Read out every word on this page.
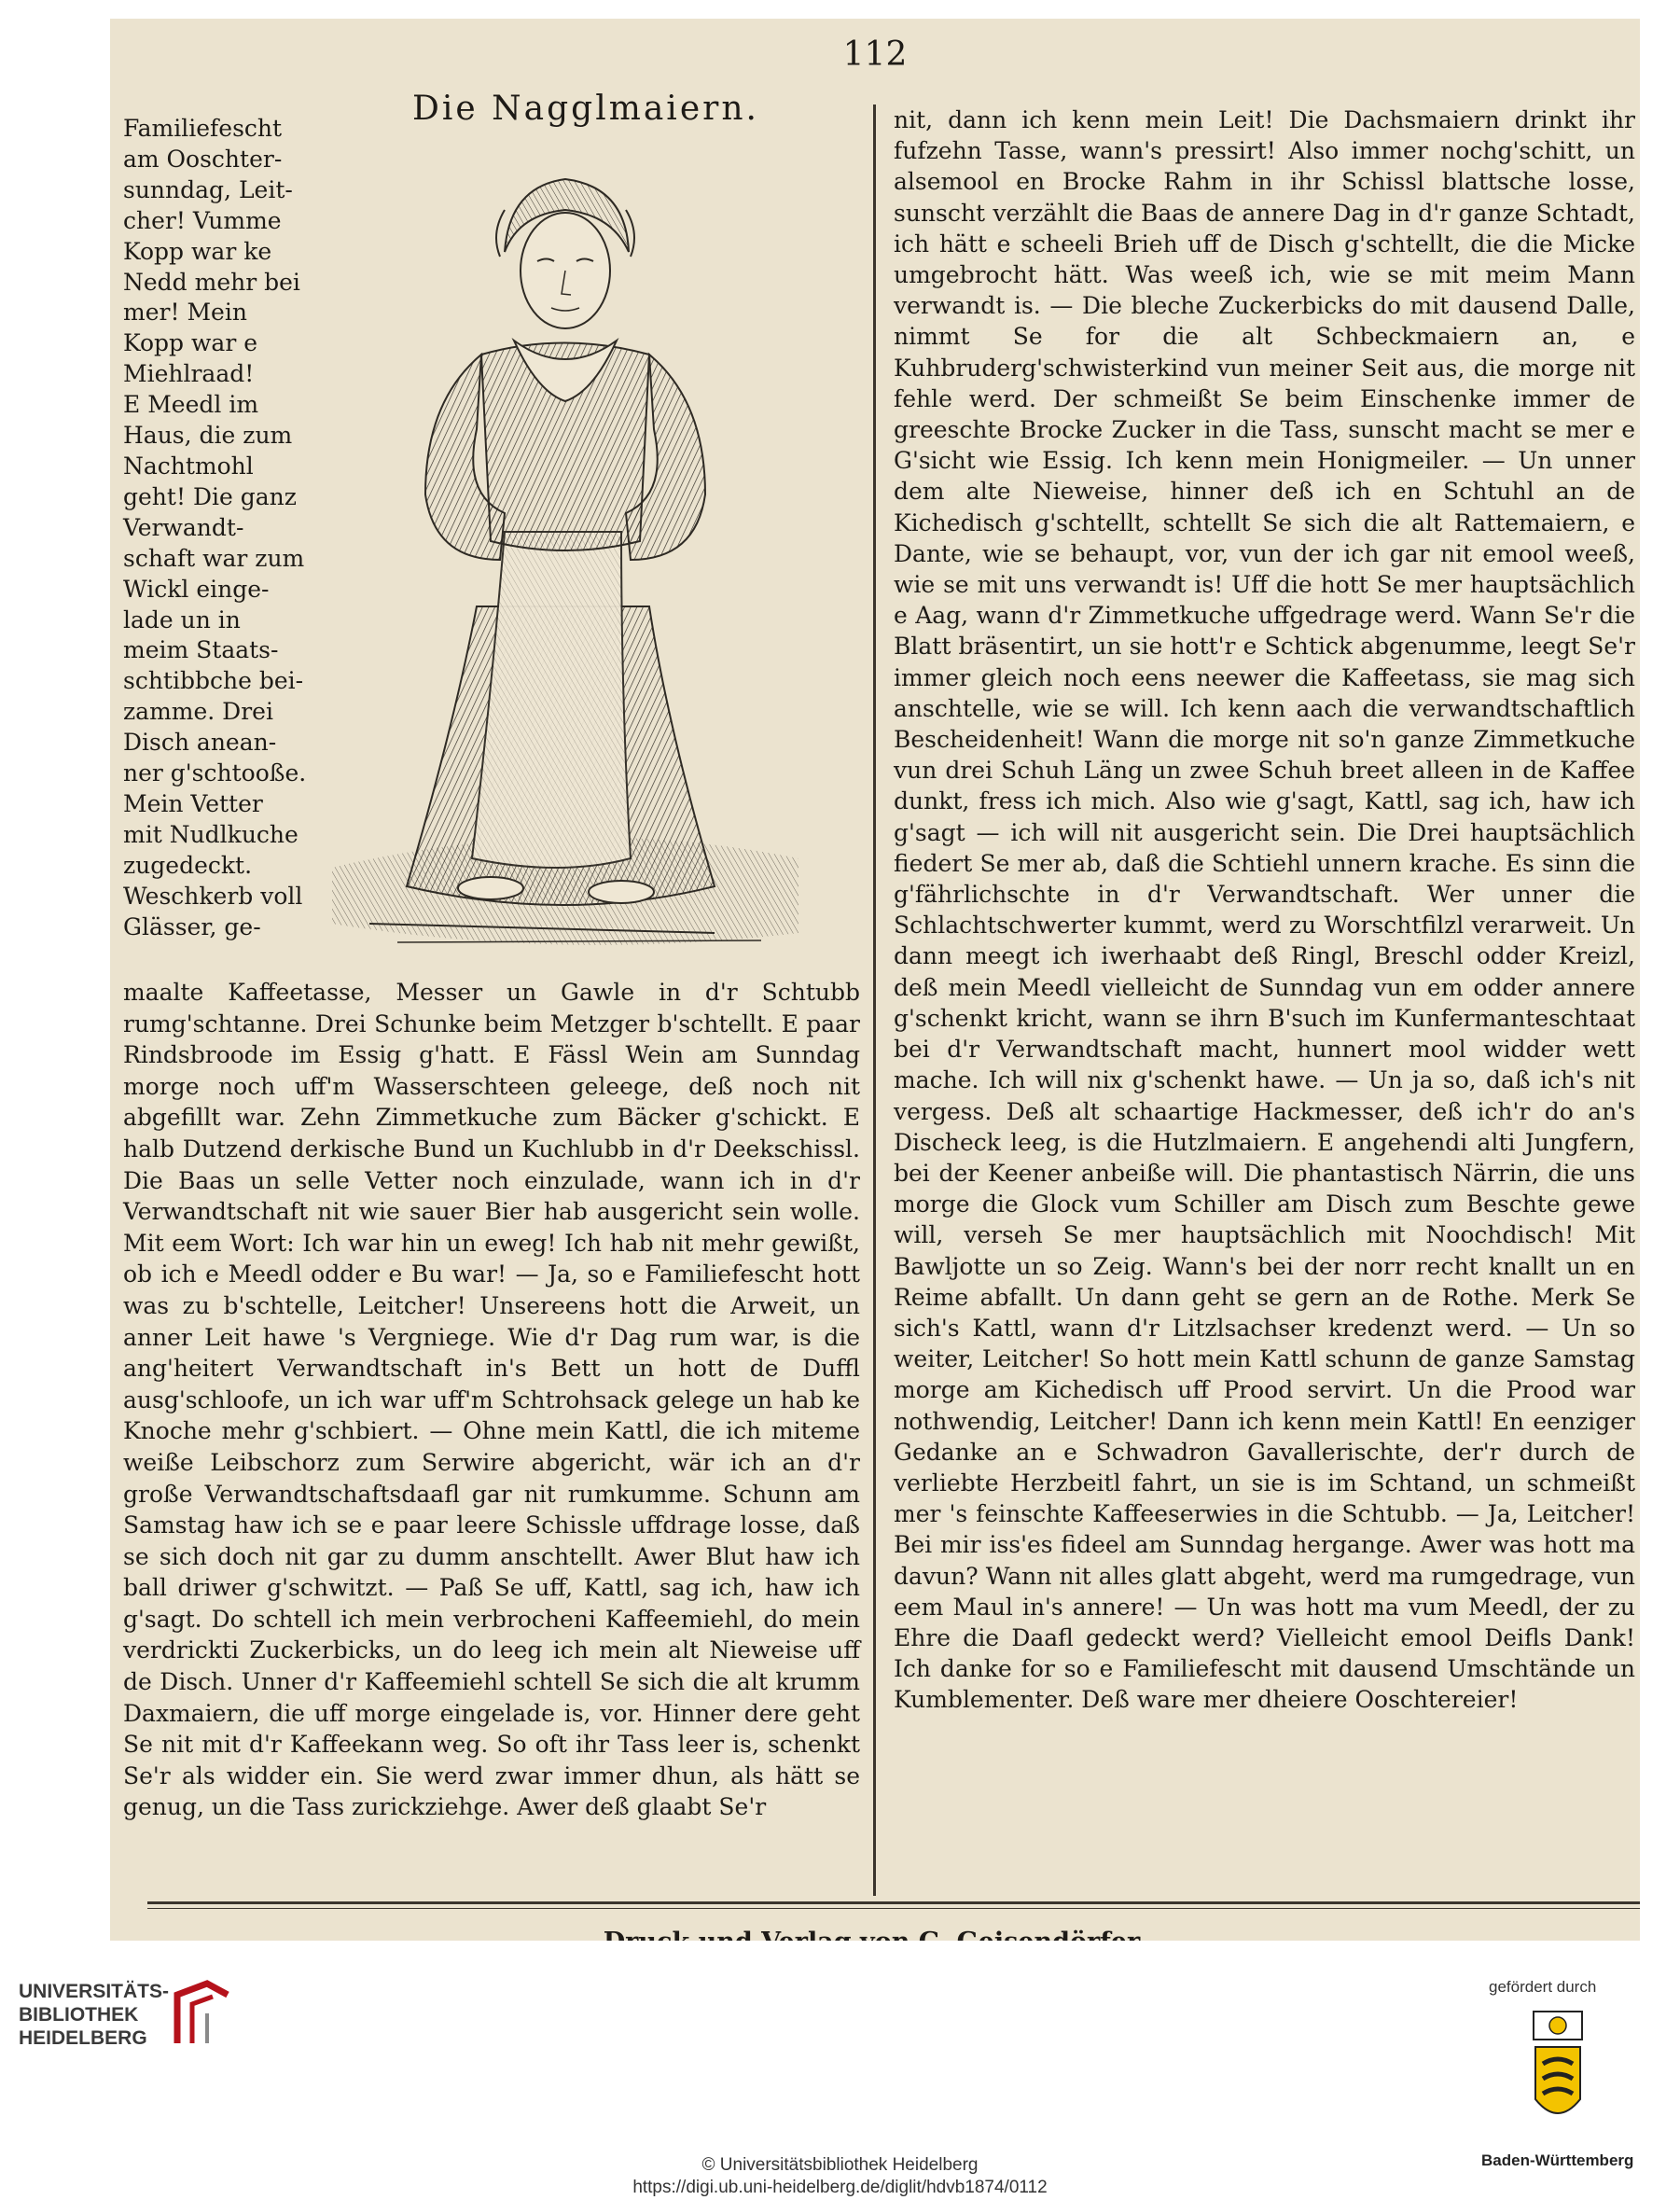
112
Die Nagglmaiern.
Familiefescht
am Ooschter-
sunndag, Leit-
cher! Vumme
Kopp war ke
Nedd mehr bei
mer! Mein
Kopp war e
Miehlraad!
E Meedl im
Haus, die zum
Nachtmohl
geht! Die ganz
Verwandt-
schaft war zum
Wickl einge-
lade un in
meim Staats-
schtibbche bei-
zamme. Drei
Disch anean-
ner g'schtooße.
Mein Vetter
mit Nudlkuche
zugedeckt.
Weschkerb voll
Glässer, ge-

maalte Kaffeetasse, Messer un Gawle in d'r Schtubb rumg'schtanne. Drei Schunke beim Metzger b'schtellt. E paar Rindsbroode im Essig g'hatt. E Fässl Wein am Sunndag morge noch uff'm Wasserschteen geleege, deß noch nit abgefillt war. Zehn Zimmetkuche zum Bäcker g'schickt. E halb Dutzend derkische Bund un Kuchlubb in d'r Deekschissl. Die Baas un selle Vetter noch einzulade, wann ich in d'r Verwandtschaft nit wie sauer Bier hab ausgericht sein wolle. Mit eem Wort: Ich war hin un eweg! Ich hab nit mehr gewißt, ob ich e Meedl odder e Bu war! — Ja, so e Familiefescht hott was zu b'schtelle, Leitcher! Unsereens hott die Arweit, un anner Leit hawe 's Vergniege. Wie d'r Dag rum war, is die ang'heitert Verwandtschaft in's Bett un hott de Duffl ausg'schloofe, un ich war uff'm Schtrohsack gelege un hab ke Knoche mehr g'schbiert. — Ohne mein Kattl, die ich miteme weiße Leibschorz zum Serwire abgericht, wär ich an d'r große Verwandtschaftsdaafl gar nit rumkumme. Schunn am Samstag haw ich se e paar leere Schissle uffdrage losse, daß se sich doch nit gar zu dumm anschtellt. Awer Blut haw ich ball driwer g'schwitzt. — Paß Se uff, Kattl, sag ich, haw ich g'sagt. Do schtell ich mein verbrocheni Kaffeemiehl, do mein verdrickti Zuckerbicks, un do leeg ich mein alt Nieweise uff de Disch. Unner d'r Kaffeemiehl schtell Se sich die alt krumm Daxmaiern, die uff morge eingelade is, vor. Hinner dere geht Se nit mit d'r Kaffeekann weg. So oft ihr Tass leer is, schenkt Se'r als widder ein. Sie werd zwar immer dhun, als hätt se genug, un die Tass zurickziehge. Awer deß glaabt Se'r

nit, dann ich kenn mein Leit! Die Dachsmaiern drinkt ihr fufzehn Tasse, wann's pressirt! Also immer nochg'schitt, un alsemool en Brocke Rahm in ihr Schissl blattsche losse, sunscht verzählt die Baas de annere Dag in d'r ganze Schtadt, ich hätt e scheeli Brieh uff de Disch g'schtellt, die die Micke umgebrocht hätt. Was weeß ich, wie se mit meim Mann verwandt is. — Die bleche Zuckerbicks do mit dausend Dalle, nimmt Se for die alt Schbeckmaiern an, e Kuhbruderg'schwisterkind vun meiner Seit aus, die morge nit fehle werd. Der schmeißt Se beim Einschenke immer de greeschte Brocke Zucker in die Tass, sunscht macht se mer e G'sicht wie Essig. Ich kenn mein Honigmeiler. — Un unner dem alte Nieweise, hinner deß ich en Schtuhl an de Kichedisch g'schtellt, schtellt Se sich die alt Rattemaiern, e Dante, wie se behaupt, vor, vun der ich gar nit emool weeß, wie se mit uns verwandt is! Uff die hott Se mer hauptsächlich e Aag, wann d'r Zimmetkuche uffgedrage werd. Wann Se'r die Blatt bräsentirt, un sie hott'r e Schtick abgenumme, leegt Se'r immer gleich noch eens neewer die Kaffeetass, sie mag sich anschtelle, wie se will. Ich kenn aach die verwandtschaftlich Bescheidenheit! Wann die morge nit so'n ganze Zimmetkuche vun drei Schuh Läng un zwee Schuh breet alleen in de Kaffee dunkt, fress ich mich. Also wie g'sagt, Kattl, sag ich, haw ich g'sagt — ich will nit ausgericht sein. Die Drei hauptsächlich fiedert Se mer ab, daß die Schtiehl unnern krache. Es sinn die g'fährlichschte in d'r Verwandtschaft. Wer unner die Schlachtschwerter kummt, werd zu Worschtfilzl verarweit. Un dann meegt ich iwerhaabt deß Ringl, Breschl odder Kreizl, deß mein Meedl vielleicht de Sunndag vun em odder annere g'schenkt kricht, wann se ihrn B'such im Kunfermanteschtaat bei d'r Verwandtschaft macht, hunnert mool widder wett mache. Ich will nix g'schenkt hawe. — Un ja so, daß ich's nit vergess. Deß alt schaartige Hackmesser, deß ich'r do an's Discheck leeg, is die Hutzlmaiern. E angehendi alti Jungfern, bei der Keener anbeiße will. Die phantastisch Närrin, die uns morge die Glock vum Schiller am Disch zum Beschte gewe will, verseh Se mer hauptsächlich mit Noochdisch! Mit Bawljotte un so Zeig. Wann's bei der norr recht knallt un en Reime abfallt. Un dann geht se gern an de Rothe. Merk Se sich's Kattl, wann d'r Litzlsachser kredenzt werd. — Un so weiter, Leitcher! So hott mein Kattl schunn de ganze Samstag morge am Kichedisch uff Prood servirt. Un die Prood war nothwendig, Leitcher! Dann ich kenn mein Kattl! En eenziger Gedanke an e Schwadron Gavallerischte, der'r durch de verliebte Herzbeitl fahrt, un sie is im Schtand, un schmeißt mer 's feinschte Kaffeeserwies in die Schtubb. — Ja, Leitcher! Bei mir iss'es fideel am Sunndag hergange. Awer was hott ma davun? Wann nit alles glatt abgeht, werd ma rumgedrage, vun eem Maul in's annere! — Un was hott ma vum Meedl, der zu Ehre die Daafl gedeckt werd? Vielleicht emool Deifls Dank! Ich danke for so e Familiefescht mit dausend Umschtände un Kumblementer. Deß ware mer dheiere Ooschtereier!

UNIVERSITÄTS-
BIBLIOTHEK
HEIDELBERG
gefördert durch
Baden-Württemberg
© Universitätsbibliothek Heidelberg
https://digi.ub.uni-heidelberg.de/diglit/hdvb1874/0112
